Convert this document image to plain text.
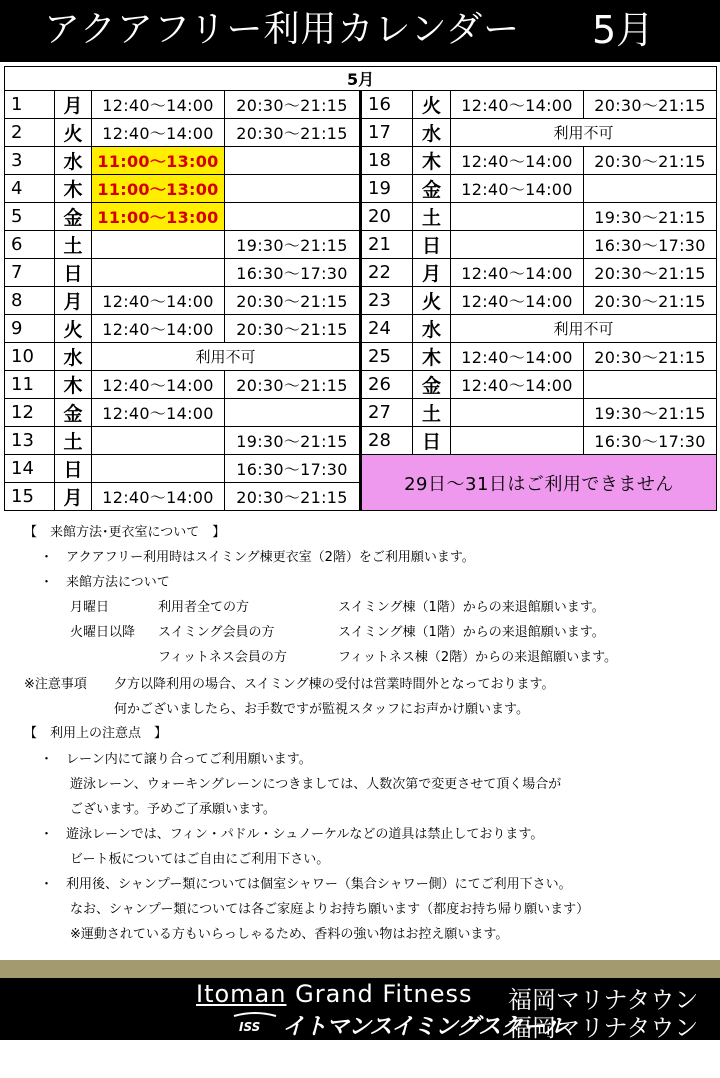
アクアフリー利用カレンダー 5月
5月							
1	月	12:40～14:00	20:30～21:15	16	火	12:40～14:00	20:30～21:15
2	火	12:40～14:00	20:30～21:15	17	水	利用不可	
3	水	11:00～13:00		18	木	12:40～14:00	20:30～21:15
4	木	11:00～13:00		19	金	12:40～14:00	
5	金	11:00～13:00		20	土		19:30～21:15
6	土		19:30～21:15	21	日		16:30～17:30
7	日		16:30～17:30	22	月	12:40～14:00	20:30～21:15
8	月	12:40～14:00	20:30～21:15	23	火	12:40～14:00	20:30～21:15
9	火	12:40～14:00	20:30～21:15	24	水	利用不可	
10	水	利用不可		25	木	12:40～14:00	20:30～21:15
11	木	12:40～14:00	20:30～21:15	26	金	12:40～14:00	
12	金	12:40～14:00		27	土		19:30～21:15
13	土		19:30～21:15	28	日		16:30～17:30
14	日		16:30～17:30	29日～31日はご利用できません			
15	月	12:40～14:00	20:30～21:15				
【　来館方法･更衣室について　】
・　アクアフリー利用時はスイミング棟更衣室（2階）をご利用願います。
・　来館方法について
月曜日	利用者全ての方	スイミング棟（1階）からの来退館願います。
火曜日以降 スイミング会員の方	スイミング棟（1階）からの来退館願います。
フィットネス会員の方	フィットネス棟（2階）からの来退館願います。
※注意事項 夕方以降利用の場合、スイミング棟の受付は営業時間外となっております。
何かございましたら、お手数ですが監視スタッフにお声かけ願います。
【　利用上の注意点　】
・　レーン内にて譲り合ってご利用願います。
遊泳レーン、ウォーキングレーンにつきましては、人数次第で変更させて頂く場合が
ございます。予めご了承願います。
・　遊泳レーンでは、フィン・パドル・シュノーケルなどの道具は禁止しております。
ビート板についてはご自由にご利用下さい。
・　利用後、シャンプー類については個室シャワー（集合シャワー側）にてご利用下さい。
なお、シャンプー類については各ご家庭よりお持ち願います（都度お持ち帰り願います）
※運動されている方もいらっしゃるため、香料の強い物はお控え願います。
Itoman Grand Fitness 福岡マリナタウン
ISS イトマンスイミングスクール
福岡マリナタウン校
